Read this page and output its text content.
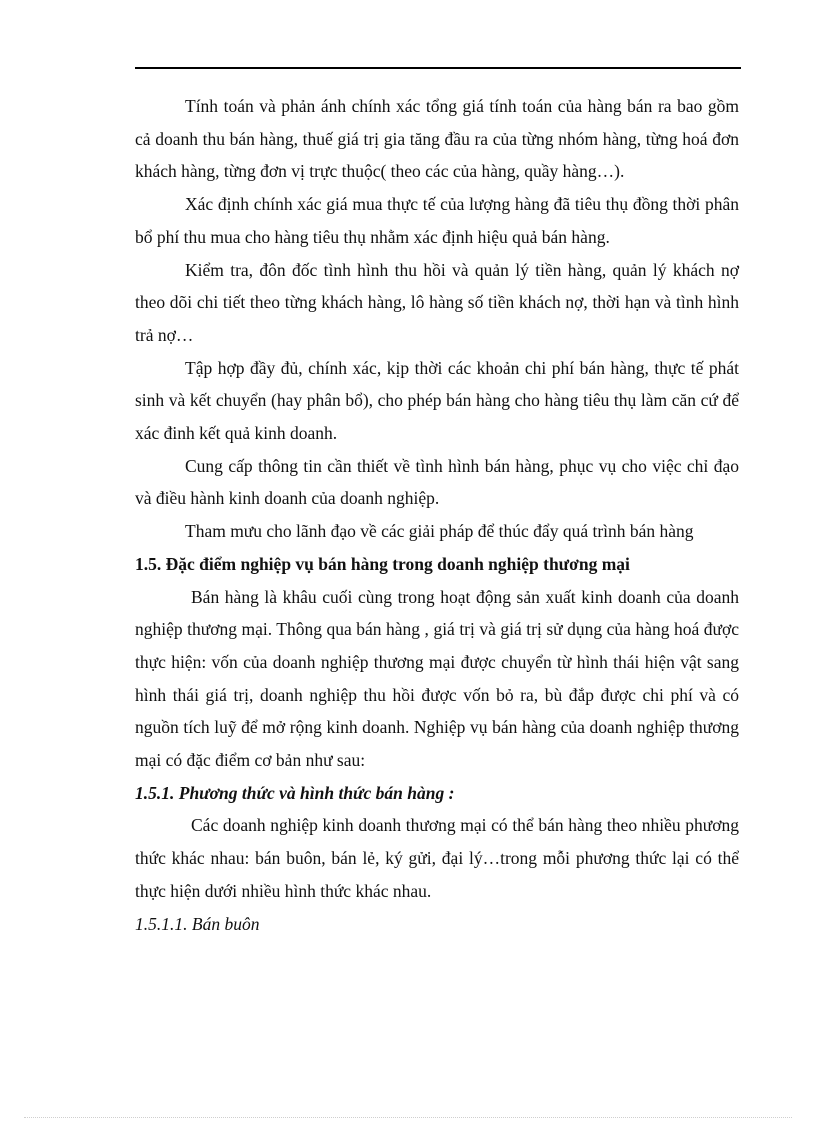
Tính toán và phản ánh chính xác tổng giá tính toán của hàng bán ra bao gồm cả doanh thu bán hàng, thuế giá trị gia tăng đầu ra của từng nhóm hàng, từng hoá đơn khách hàng, từng đơn vị trực thuộc( theo các của hàng, quầy hàng…).

Xác định chính xác giá mua thực tế của lượng hàng đã tiêu thụ đồng thời phân bổ phí thu mua cho hàng tiêu thụ nhằm xác định hiệu quả bán hàng.

Kiểm tra, đôn đốc tình hình thu hồi và quản lý tiền hàng, quản lý khách nợ theo dõi chi tiết theo từng khách hàng, lô hàng số tiền khách nợ, thời hạn và tình hình trả nợ…

Tập hợp đầy đủ, chính xác, kịp thời các khoản chi phí bán hàng, thực tế phát sinh và kết chuyển (hay phân bổ), cho phép bán hàng cho hàng tiêu thụ làm căn cứ để xác đinh kết quả kinh doanh.

Cung cấp thông tin cần thiết về tình hình bán hàng, phục vụ cho việc chỉ đạo và điều hành kinh doanh của doanh nghiệp.

Tham mưu cho lãnh đạo về các giải pháp để thúc đẩy quá trình bán hàng

1.5. Đặc điểm nghiệp vụ bán hàng trong doanh nghiệp thương mại

Bán hàng là khâu cuối cùng trong hoạt động sản xuất kinh doanh của doanh nghiệp thương mại. Thông qua bán hàng , giá trị và giá trị sử dụng của hàng hoá được thực hiện: vốn của doanh nghiệp thương mại được chuyển từ hình thái hiện vật sang hình thái giá trị, doanh nghiệp thu hồi được vốn bỏ ra, bù đắp được chi phí và có nguồn tích luỹ để mở rộng kinh doanh. Nghiệp vụ bán hàng của doanh nghiệp thương mại có đặc điểm cơ bản như sau:

1.5.1. Phương thức và hình thức bán hàng :

Các doanh nghiệp kinh doanh thương mại có thể bán hàng theo nhiều phương thức khác nhau: bán buôn, bán lẻ, ký gửi, đại lý…trong mỗi phương thức lại có thể thực hiện dưới nhiều hình thức khác nhau.

1.5.1.1. Bán buôn
